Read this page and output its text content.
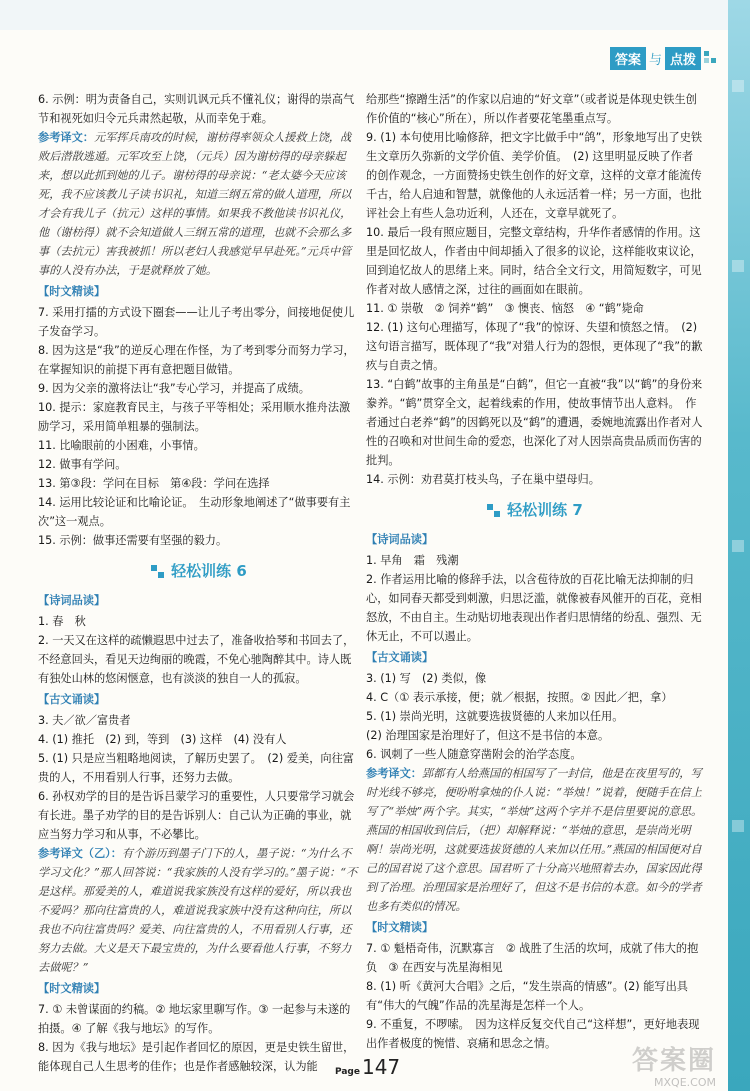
答案 与 点拨

6. 示例：明为责备自己，实则讥讽元兵不懂礼仪；谢得的崇高气节和视死如归令元兵肃然起敬，从而幸免于难。

参考译文：元军挥兵南攻的时候，谢枋得率领众人援救上饶，战败后潜散逃遁。元军攻至上饶，（元兵）因为谢枋得的母亲躲起来，想以此抓到她的儿子。谢枋得的母亲说：“老太婆今天应该死，我不应该教儿子读书识礼，知道三纲五常的做人道理，所以才会有我儿子（抗元）这样的事情。如果我不教他读书识礼仪，他（谢枋得）就不会知道做人三纲五常的道理，也就不会那么多事（去抗元）害我被抓！所以老妇人我感觉早早赴死。”元兵中管事的人没有办法，于是就释放了她。

【时文精读】

7. 采用打擂的方式设下圈套——让儿子考出零分，间接地促使儿子发奋学习。

8. 因为这是“我”的逆反心理在作怪，为了考到零分而努力学习，在掌握知识的前提下再有意把题目做错。

9. 因为父亲的激将法让“我”专心学习，并提高了成绩。

10. 提示：家庭教育民主，与孩子平等相处；采用顺水推舟法激励学习，采用简单粗暴的强制法。

11. 比喻眼前的小困难，小事情。

12. 做事有学问。

13. 第③段：学问在目标　第④段：学问在选择

14. 运用比较论证和比喻论证。　生动形象地阐述了“做事要有主次”这一观点。

15. 示例：做事还需要有坚强的毅力。

轻松训练 6
【诗词品读】

1. 春　秋

2. 一天又在这样的疏懒遐思中过去了，准备收拾琴和书回去了，不经意回头，看见天边绚丽的晚霞，不免心驰陶醉其中。诗人既有独处山林的悠闲惬意，也有淡淡的独自一人的孤寂。

【古文诵读】

3. 夫／欲／富贵者

4. (1) 推托　(2) 到，等到　(3) 这样　(4) 没有人

5. (1) 只是应当粗略地阅读，了解历史罢了。　(2) 爱美，向往富贵的人，不用看别人行事，还努力去做。

6. 孙权劝学的目的是告诉吕蒙学习的重要性，人只要常学习就会有长进。墨子劝学的目的是告诉别人：自己认为正确的事业，就应当努力学习和从事，不必攀比。

参考译文（乙）：有个游历到墨子门下的人，墨子说：“为什么不学习文化？”那人回答说：“我家族的人没有学习的。”墨子说：“不是这样。那爱美的人，难道说我家族没有这样的爱好，所以我也不爱吗？那向往富贵的人，难道说我家族中没有这种向往，所以我也不向往富贵吗？爱美、向往富贵的人，不用看别人行事，还努力去做。大义是天下最宝贵的，为什么要看他人行事，不努力去做呢？”

【时文精读】

7. ① 未曾谋面的约稿。② 地坛家里聊写作。③ 一起参与未遂的拍摄。④ 了解《我与地坛》的写作。

8. 因为《我与地坛》是引起作者回忆的原因，更是史铁生留世，能体现自己人生思考的佳作；也是作者感触较深，认为能

给那些“擦蹭生活”的作家以启迪的“好文章”（或者说是体现史铁生创作价值的“核心”所在），所以作者要花笔墨重点写。

9. (1) 本句使用比喻修辞，把文字比做手中“鸽”，形象地写出了史铁生文章历久弥新的文学价值、美学价值。　(2) 这里明显反映了作者的创作观念，一方面赞扬史铁生创作的好文章，这样的文章才能流传千古，给人启迪和智慧，就像他的人永远活着一样；另一方面，也批评社会上有些人急功近利，人还在，文章早就死了。

10. 最后一段有照应题目，完整文章结构，升华作者感情的作用。这里是回忆故人，作者由中间却插入了很多的议论，这样能收束议论，回到追忆故人的思绪上来。同时，结合全文行文，用简短数字，可见作者对故人感情之深，过往的画面如在眼前。

11. ① 崇敬　② 饲养“鹤”　③ 懊丧、恼怒　④ “鹤”毙命

12. (1) 这句心理描写，体现了“我”的惊讶、失望和愤怒之情。　(2) 这句语言描写，既体现了“我”对猎人行为的怨恨，更体现了“我”的歉疚与自责之情。

13. “白鹤”故事的主角虽是“白鹤”，但它一直被“我”以“鹤”的身份来豢养。“鹤”贯穿全文，起着线索的作用，使故事情节出人意料。　作者通过白老养“鹤”的因鹤死以及“鹤”的遭遇，委婉地流露出作者对人性的召唤和对世间生命的爱恋，也深化了对人因崇高贵品质而伤害的批判。

14. 示例：劝君莫打枝头鸟，子在巢中望母归。

轻松训练 7
【诗词品读】

1. 早角　霜　残潮

2. 作者运用比喻的修辞手法，以含苞待放的百花比喻无法抑制的归心，如同春天都受到刺激，归思泛滥，就像被春风催开的百花，竞相怒放，不由自主。生动贴切地表现出作者归思情绪的纷乱、强烈、无休无止，不可以遏止。

【古文诵读】

3. (1) 写　(2) 类似，像

4. C（① 表示承接，便；就／根据，按照。② 因此／把，拿）

5. (1) 崇尚光明，这就要选拔贤德的人来加以任用。

(2) 治理国家是治理好了，但这不是书信的本意。

6. 讽刺了一些人随意穿凿附会的治学态度。

参考译文：郢都有人给燕国的相国写了一封信，他是在夜里写的，写时光线不够亮，便吩咐拿烛的仆人说：“举烛！”说着，便随手在信上写了“举烛”两个字。其实，“举烛”这两个字并不是信里要说的意思。燕国的相国收到信后，（把）却解释说：“举烛的意思，是崇尚光明啊！崇尚光明，这就要选拔贤德的人来加以任用。”燕国的相国便对自己的国君说了这个意思。国君听了十分高兴地照着去办，国家因此得到了治理。治理国家是治理好了，但这不是书信的本意。如今的学者也多有类似的情况。

【时文精读】

7. ① 魁梧奇伟，沉默寡言　② 战胜了生活的坎坷，成就了伟大的抱负　③ 在西安与冼星海相见

8. (1) 听《黄河大合唱》之后，“发生崇高的情感”。(2) 能写出具有“伟大的气魄”作品的冼星海是怎样一个人。

9. 不重复，不啰嗦。　因为这样反复交代自己“这样想”，更好地表现出作者极度的惋惜、哀痛和思念之情。

Page 147	答案圈
MXQE.COM
